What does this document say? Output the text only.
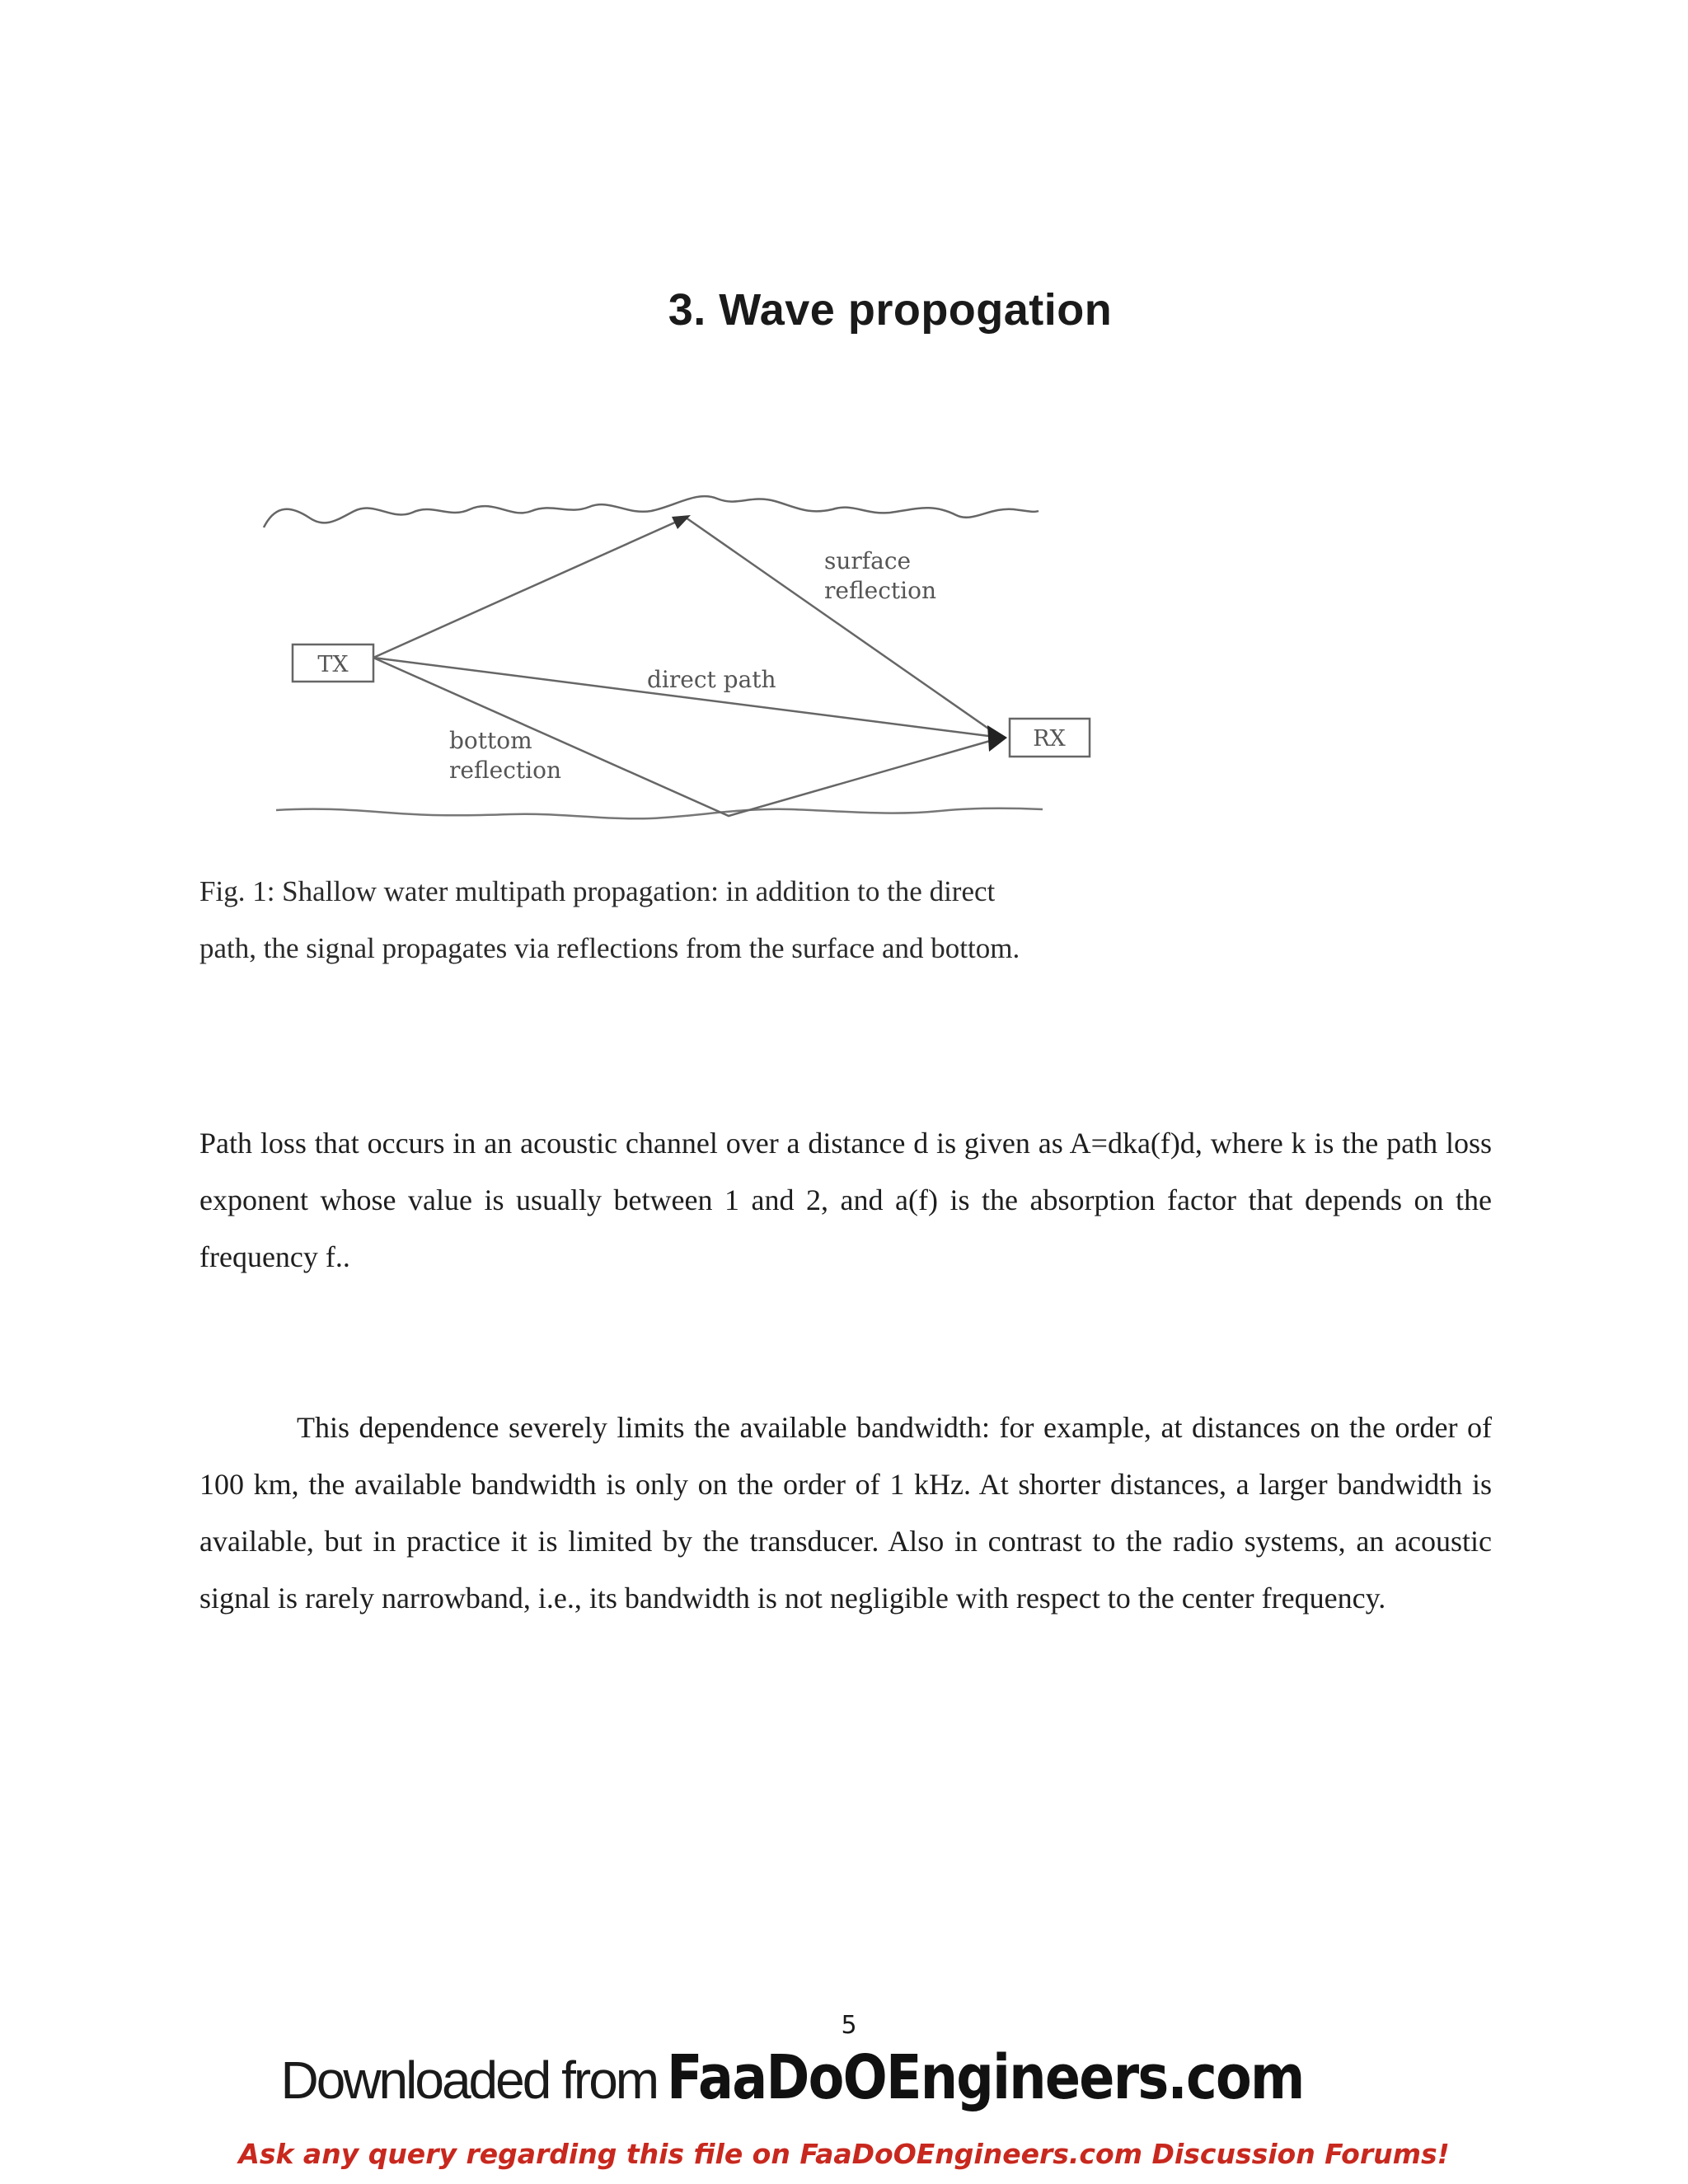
3. Wave propogation
TX
RX
surface
reflection
direct path
bottom
reflection
Fig. 1: Shallow water multipath propagation: in addition to the direct
path, the signal propagates via reflections from the surface and bottom.
Path loss that occurs in an acoustic channel over a distance d is given as A=dka(f)d, where k is the path loss exponent whose value is usually between 1 and 2, and a(f) is the absorption factor that depends on the frequency f..
This dependence severely limits the available bandwidth: for example, at distances on the order of 100 km, the available bandwidth is only on the order of 1 kHz. At shorter distances, a larger bandwidth is available, but in practice it is limited by the transducer. Also in contrast to the radio systems, an acoustic signal is rarely narrowband, i.e., its bandwidth is not negligible with respect to the center frequency.
5
Downloaded from FaaDoOEngineers.com
Ask any query regarding this file on FaaDoOEngineers.com Discussion Forums!
